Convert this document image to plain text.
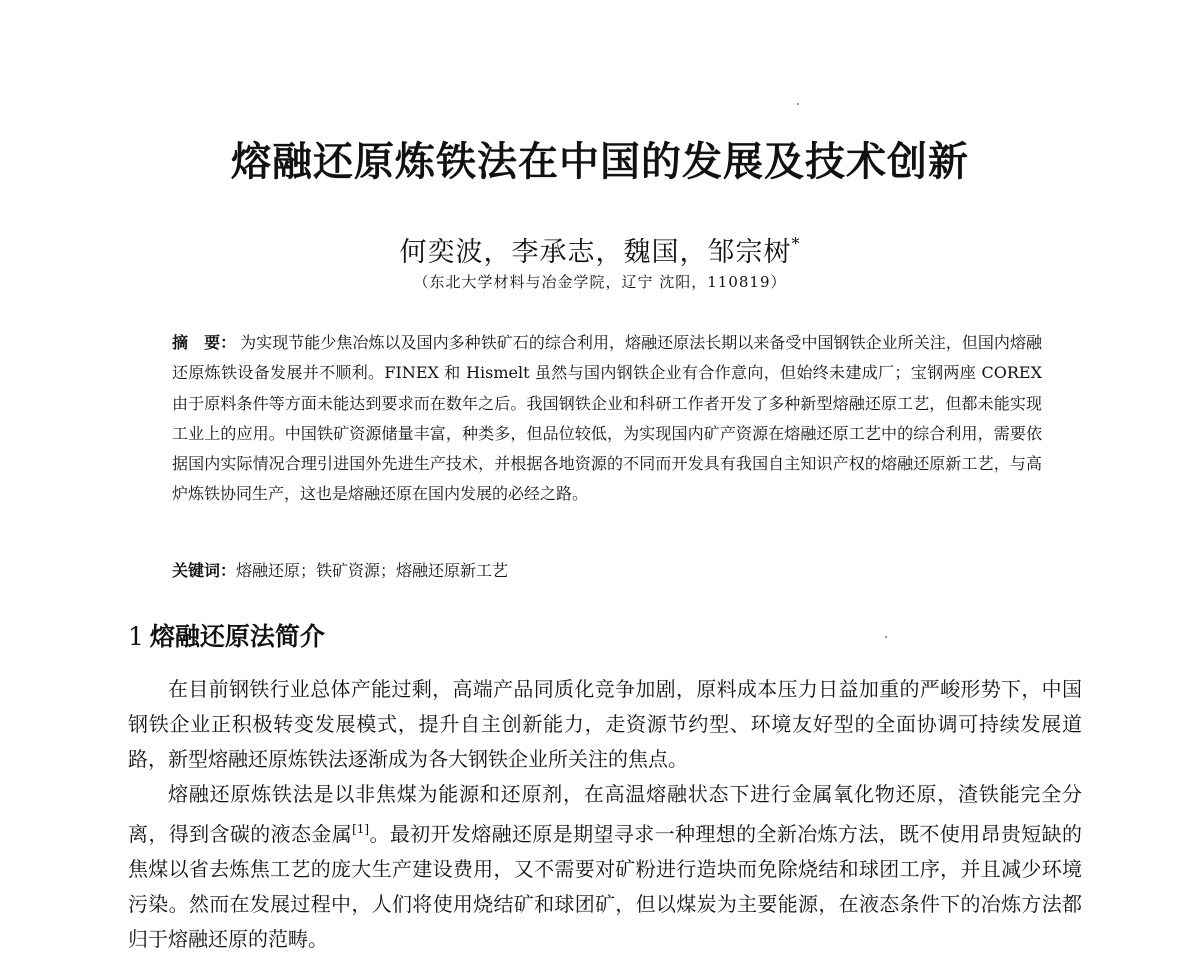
熔融还原炼铁法在中国的发展及技术创新
何奕波，李承志，魏国，邹宗树*
（东北大学材料与冶金学院，辽宁 沈阳，110819）
摘　要： 为实现节能少焦冶炼以及国内多种铁矿石的综合利用，熔融还原法长期以来备受中国钢铁企业所关注，但国内熔融还原炼铁设备发展并不顺利。FINEX 和 Hismelt 虽然与国内钢铁企业有合作意向，但始终未建成厂；宝钢两座 COREX 由于原料条件等方面未能达到要求而在数年之后。我国钢铁企业和科研工作者开发了多种新型熔融还原工艺，但都未能实现工业上的应用。中国铁矿资源储量丰富，种类多，但品位较低，为实现国内矿产资源在熔融还原工艺中的综合利用，需要依据国内实际情况合理引进国外先进生产技术，并根据各地资源的不同而开发具有我国自主知识产权的熔融还原新工艺，与高炉炼铁协同生产，这也是熔融还原在国内发展的必经之路。
关键词：熔融还原；铁矿资源；熔融还原新工艺
1 熔融还原法简介

在目前钢铁行业总体产能过剩，高端产品同质化竞争加剧，原料成本压力日益加重的严峻形势下，中国钢铁企业正积极转变发展模式，提升自主创新能力，走资源节约型、环境友好型的全面协调可持续发展道路，新型熔融还原炼铁法逐渐成为各大钢铁企业所关注的焦点。

熔融还原炼铁法是以非焦煤为能源和还原剂，在高温熔融状态下进行金属氧化物还原，渣铁能完全分离，得到含碳的液态金属[1]。最初开发熔融还原是期望寻求一种理想的全新冶炼方法，既不使用昂贵短缺的焦煤以省去炼焦工艺的庞大生产建设费用，又不需要对矿粉进行造块而免除烧结和球团工序，并且减少环境污染。然而在发展过程中，人们将使用烧结矿和球团矿，但以煤炭为主要能源，在液态条件下的冶炼方法都归于熔融还原的范畴。
